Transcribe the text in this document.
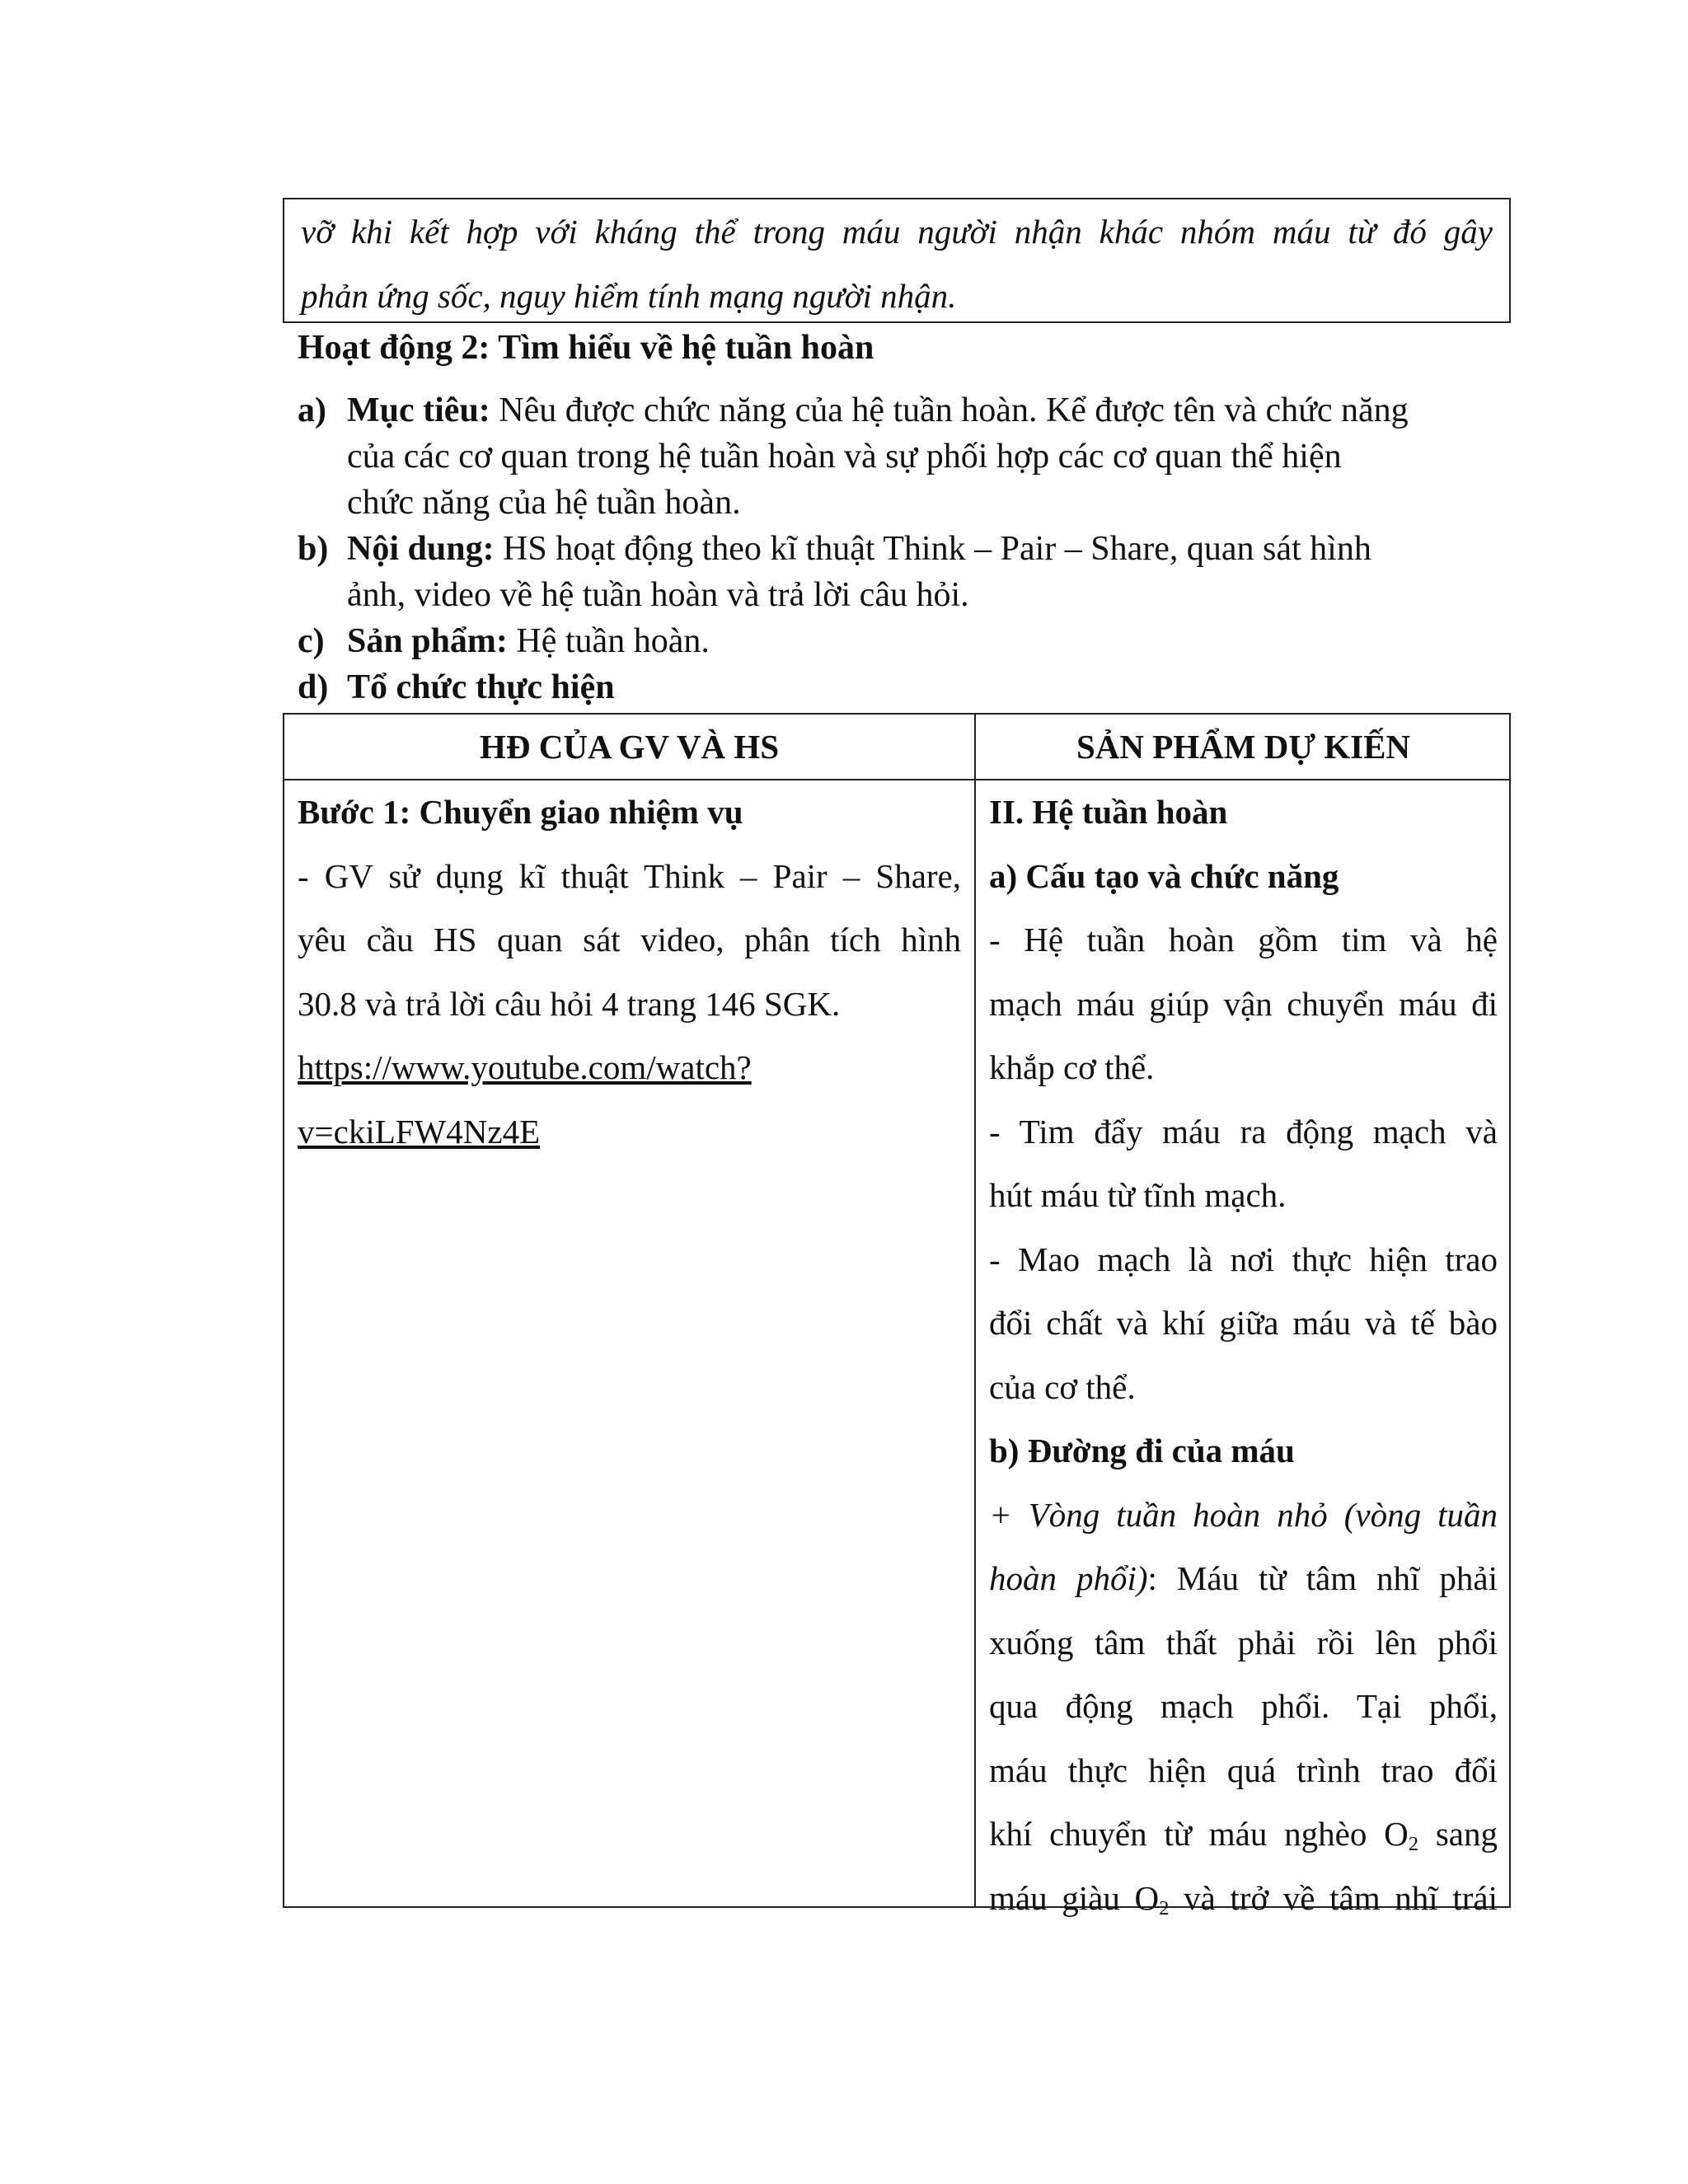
vỡ khi kết hợp với kháng thể trong máu người nhận khác nhóm máu từ đó gây

phản ứng sốc, nguy hiểm tính mạng người nhận.

Hoạt động 2: Tìm hiểu về hệ tuần hoàn
a) Mục tiêu: Nêu được chức năng của hệ tuần hoàn. Kể được tên và chức năng

của các cơ quan trong hệ tuần hoàn và sự phối hợp các cơ quan thể hiện

chức năng của hệ tuần hoàn.

b) Nội dung: HS hoạt động theo kĩ thuật Think – Pair – Share, quan sát hình

ảnh, video về hệ tuần hoàn và trả lời câu hỏi.

c) Sản phẩm: Hệ tuần hoàn.

d) Tổ chức thực hiện

HĐ CỦA GV VÀ HS	SẢN PHẨM DỰ KIẾN

Bước 1: Chuyển giao nhiệm vụ

- GV sử dụng kĩ thuật Think – Pair – Share,

yêu cầu HS quan sát video, phân tích hình

30.8 và trả lời câu hỏi 4 trang 146 SGK.

https://www.youtube.com/watch?

v=ckiLFW4Nz4E

II. Hệ tuần hoàn

a) Cấu tạo và chức năng

- Hệ tuần hoàn gồm tim và hệ

mạch máu giúp vận chuyển máu đi

khắp cơ thể.

- Tim đẩy máu ra động mạch và

hút máu từ tĩnh mạch.

- Mao mạch là nơi thực hiện trao

đổi chất và khí giữa máu và tế bào

của cơ thể.

b) Đường đi của máu

+ Vòng tuần hoàn nhỏ (vòng tuần

hoàn phổi): Máu từ tâm nhĩ phải

xuống tâm thất phải rồi lên phổi

qua động mạch phổi. Tại phổi,

máu thực hiện quá trình trao đổi

khí chuyển từ máu nghèo $O_2$ sang

máu giàu $O_2$ và trở về tâm nhĩ trái
